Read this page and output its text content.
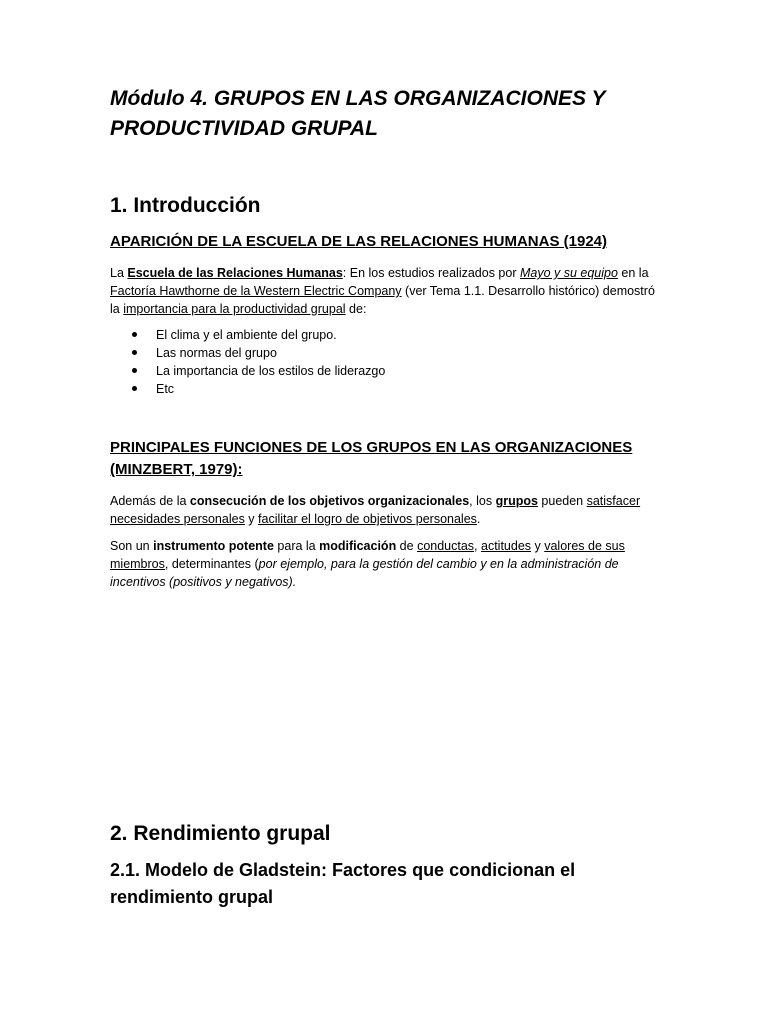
Módulo 4. GRUPOS EN LAS ORGANIZACIONES Y
PRODUCTIVIDAD GRUPAL
1. Introducción
APARICIÓN DE LA ESCUELA DE LAS RELACIONES HUMANAS (1924)

La Escuela de las Relaciones Humanas: En los estudios realizados por Mayo y su equipo en la Factoría Hawthorne de la Western Electric Company (ver Tema 1.1. Desarrollo histórico) demostró la importancia para la productividad grupal de:

El clima y el ambiente del grupo.
Las normas del grupo
La importancia de los estilos de liderazgo
Etc
PRINCIPALES FUNCIONES DE LOS GRUPOS EN LAS ORGANIZACIONES
(MINZBERT, 1979):

Además de la consecución de los objetivos organizacionales, los grupos pueden satisfacer necesidades personales y facilitar el logro de objetivos personales.

Son un instrumento potente para la modificación de conductas, actitudes y valores de sus miembros, determinantes (por ejemplo, para la gestión del cambio y en la administración de incentivos (positivos y negativos).

2. Rendimiento grupal
2.1. Modelo de Gladstein: Factores que condicionan el
rendimiento grupal
